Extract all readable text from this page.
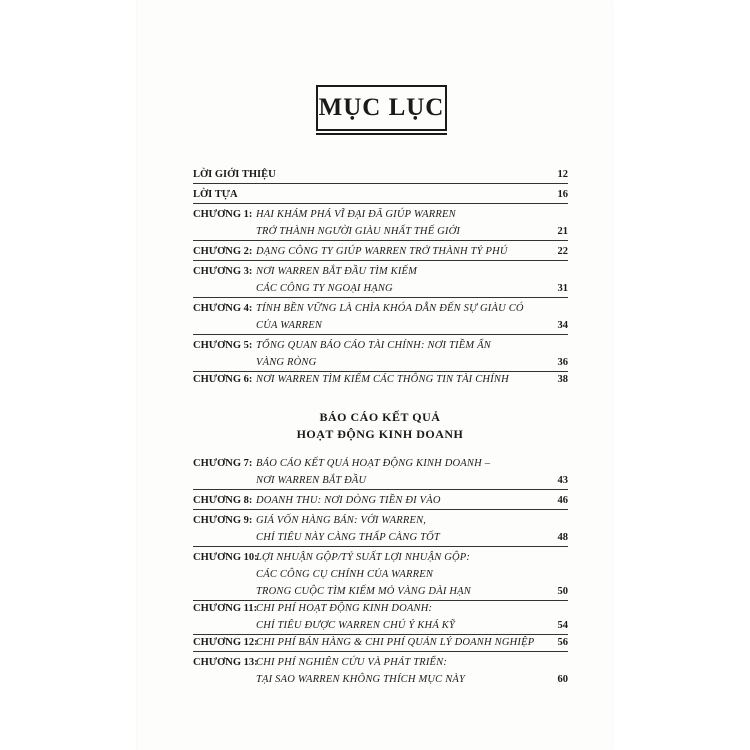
MỤC LỤC
LỜI GIỚI THIỆU	12
LỜI TỰA	16
CHƯƠNG 1: HAI KHÁM PHÁ VĨ ĐẠI ĐÃ GIÚP WARREN
TRỞ THÀNH NGƯỜI GIÀU NHẤT THẾ GIỚI	21
CHƯƠNG 2: DẠNG CÔNG TY GIÚP WARREN TRỞ THÀNH TỶ PHÚ	22
CHƯƠNG 3: NƠI WARREN BẮT ĐẦU TÌM KIẾM
CÁC CÔNG TY NGOẠI HẠNG	31
CHƯƠNG 4: TÍNH BỀN VỮNG LÀ CHÌA KHÓA DẪN ĐẾN SỰ GIÀU CÓ
CỦA WARREN	34
CHƯƠNG 5: TỔNG QUAN BÁO CÁO TÀI CHÍNH: NƠI TIỀM ẨN
VÀNG RÒNG	36
CHƯƠNG 6: NƠI WARREN TÌM KIẾM CÁC THÔNG TIN TÀI CHÍNH	38
CHƯƠNG 7: BÁO CÁO KẾT QUẢ HOẠT ĐỘNG KINH DOANH –
NƠI WARREN BẮT ĐẦU	43
CHƯƠNG 8: DOANH THU: NƠI DÒNG TIỀN ĐI VÀO	46
CHƯƠNG 9: GIÁ VỐN HÀNG BÁN: VỚI WARREN,
CHỈ TIÊU NÀY CÀNG THẤP CÀNG TỐT	48
CHƯƠNG 10:
LỢI NHUẬN GỘP/TỶ SUẤT LỢI NHUẬN GỘP:
CÁC CÔNG CỤ CHÍNH CỦA WARREN
TRONG CUỘC TÌM KIẾM MỎ VÀNG DÀI HẠN	50
CHƯƠNG 11:
CHI PHÍ HOẠT ĐỘNG KINH DOANH:
CHỈ TIÊU ĐƯỢC WARREN CHÚ Ý KHÁ KỸ	54
CHƯƠNG 12:
CHI PHÍ BÁN HÀNG & CHI PHÍ QUẢN LÝ DOANH NGHIỆP 56
CHƯƠNG 13:
CHI PHÍ NGHIÊN CỨU VÀ PHÁT TRIỂN:
TẠI SAO WARREN KHÔNG THÍCH MỤC NÀY	60
BÁO CÁO KẾT QUẢ
HOẠT ĐỘNG KINH DOANH
